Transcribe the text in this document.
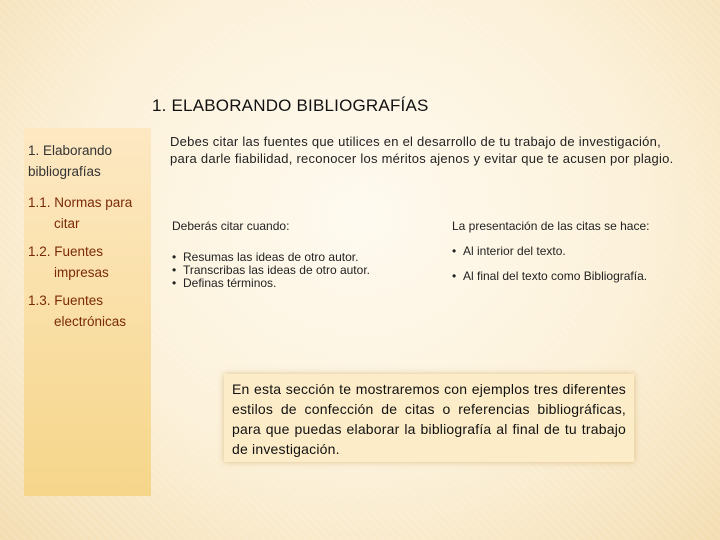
1. ELABORANDO BIBLIOGRAFÍAS
1. Elaborando
bibliografías
1.1. Normas para
citar
1.2. Fuentes
impresas
1.3. Fuentes
electrónicas
Debes citar las fuentes que utilices en el desarrollo de tu trabajo de investigación, para darle fiabilidad, reconocer los méritos ajenos y evitar que te acusen por plagio.
Deberás citar cuando:
• Resumas las ideas de otro autor.
• Transcribas las ideas de otro autor.
• Definas términos.
La presentación de las citas se hace:
• Al interior del texto.
• Al final del texto como Bibliografía.

En esta sección te mostraremos con ejemplos tres diferentes estilos de confección de citas o referencias bibliográficas, para que puedas elaborar la bibliografía al final de tu trabajo de investigación.
